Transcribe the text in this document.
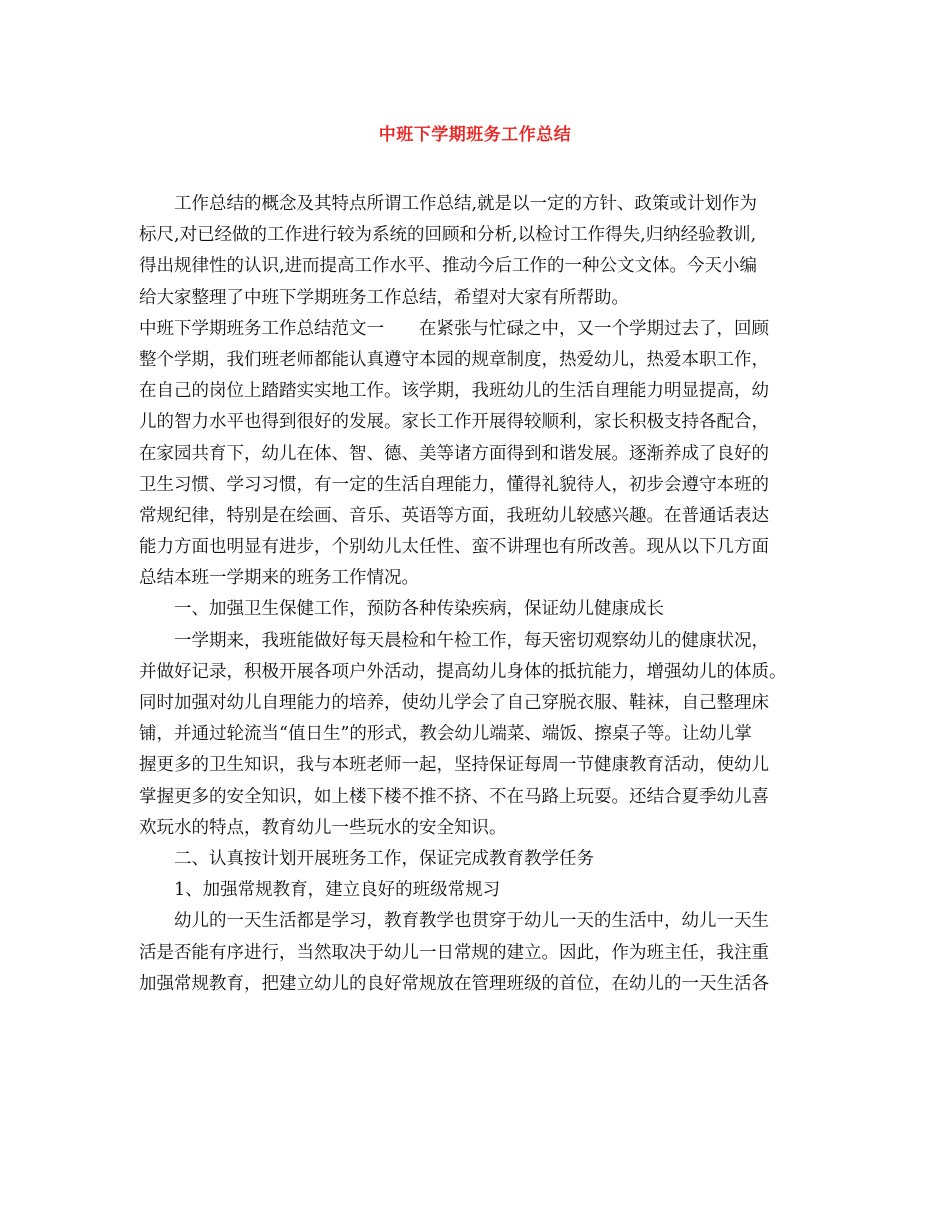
中班下学期班务工作总结
工作总结的概念及其特点所谓工作总结,就是以一定的方针、政策或计划作为
标尺,对已经做的工作进行较为系统的回顾和分析,以检讨工作得失,归纳经验教训,
得出规律性的认识,进而提高工作水平、推动今后工作的一种公文文体。今天小编
给大家整理了中班下学期班务工作总结，希望对大家有所帮助。
中班下学期班务工作总结范文一　　在紧张与忙碌之中，又一个学期过去了，回顾
整个学期，我们班老师都能认真遵守本园的规章制度，热爱幼儿，热爱本职工作，
在自己的岗位上踏踏实实地工作。该学期，我班幼儿的生活自理能力明显提高，幼
儿的智力水平也得到很好的发展。家长工作开展得较顺利，家长积极支持各配合，
在家园共育下，幼儿在体、智、德、美等诸方面得到和谐发展。逐渐养成了良好的
卫生习惯、学习习惯，有一定的生活自理能力，懂得礼貌待人，初步会遵守本班的
常规纪律，特别是在绘画、音乐、英语等方面，我班幼儿较感兴趣。在普通话表达
能力方面也明显有进步，个别幼儿太任性、蛮不讲理也有所改善。现从以下几方面
总结本班一学期来的班务工作情况。
一、加强卫生保健工作，预防各种传染疾病，保证幼儿健康成长
一学期来，我班能做好每天晨检和午检工作，每天密切观察幼儿的健康状况，
并做好记录，积极开展各项户外活动，提高幼儿身体的抵抗能力，增强幼儿的体质。
同时加强对幼儿自理能力的培养，使幼儿学会了自己穿脱衣服、鞋袜，自己整理床
铺，并通过轮流当“值日生”的形式，教会幼儿端菜、端饭、擦桌子等。让幼儿掌
握更多的卫生知识，我与本班老师一起，坚持保证每周一节健康教育活动，使幼儿
掌握更多的安全知识，如上楼下楼不推不挤、不在马路上玩耍。还结合夏季幼儿喜
欢玩水的特点，教育幼儿一些玩水的安全知识。
二、认真按计划开展班务工作，保证完成教育教学任务
1、加强常规教育，建立良好的班级常规习
幼儿的一天生活都是学习，教育教学也贯穿于幼儿一天的生活中，幼儿一天生
活是否能有序进行，当然取决于幼儿一日常规的建立。因此，作为班主任，我注重
加强常规教育，把建立幼儿的良好常规放在管理班级的首位，在幼儿的一天生活各
